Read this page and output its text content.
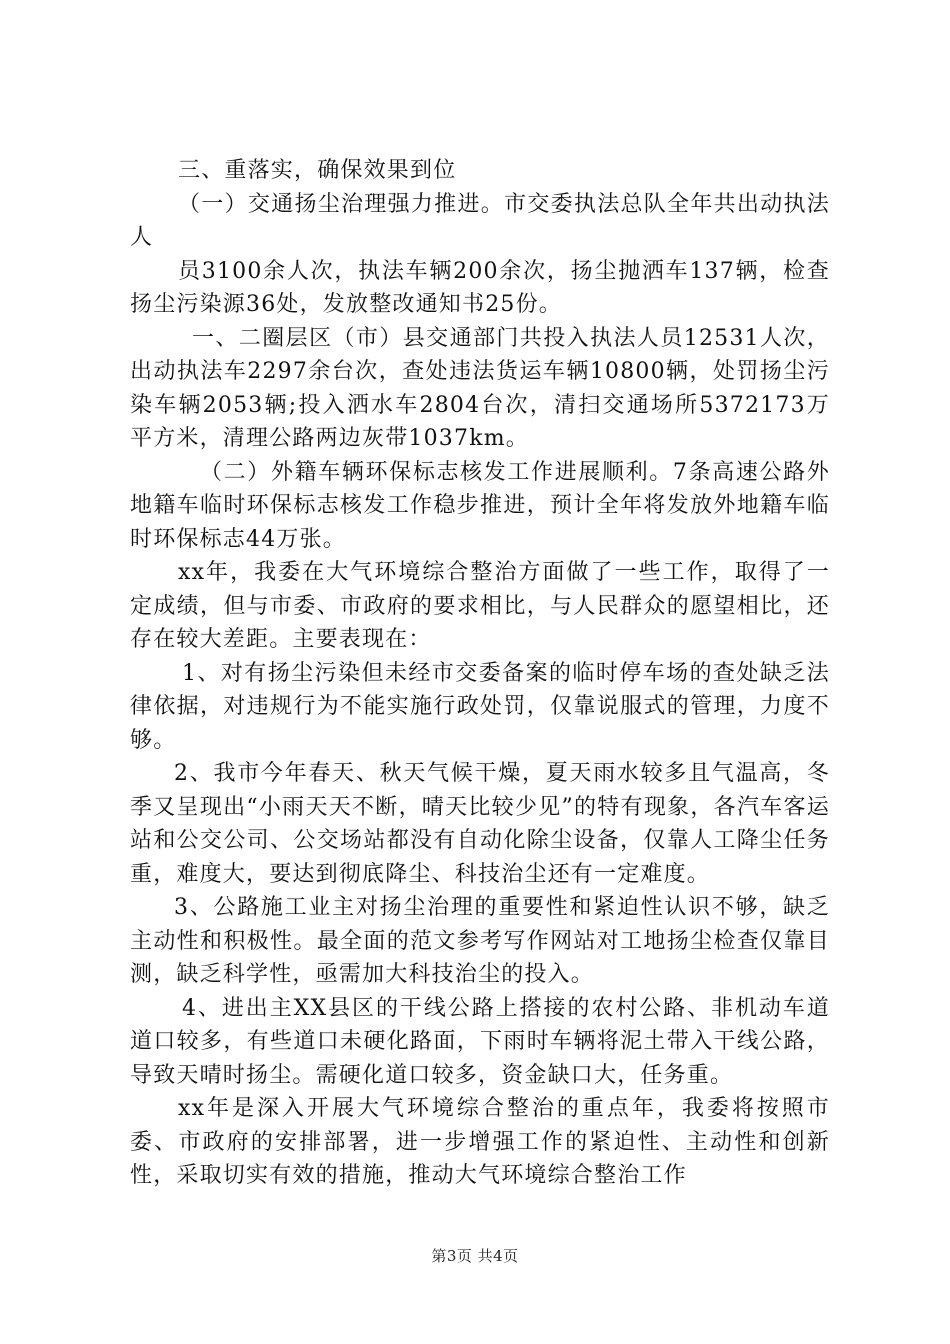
三、重落实，确保效果到位

（一）交通扬尘治理强力推进。市交委执法总队全年共出动执法人

员3100余人次，执法车辆200余次，扬尘抛洒车137辆，检查扬尘污染源36处，发放整改通知书25份。

一、二圈层区（市）县交通部门共投入执法人员12531人次，出动执法车2297余台次，查处违法货运车辆10800辆，处罚扬尘污染车辆2053辆;投入洒水车2804台次，清扫交通场所5372173万平方米，清理公路两边灰带1037km。

（二）外籍车辆环保标志核发工作进展顺利。7条高速公路外地籍车临时环保标志核发工作稳步推进，预计全年将发放外地籍车临时环保标志44万张。

xx年，我委在大气环境综合整治方面做了一些工作，取得了一定成绩，但与市委、市政府的要求相比，与人民群众的愿望相比，还存在较大差距。主要表现在：

1、对有扬尘污染但未经市交委备案的临时停车场的查处缺乏法律依据，对违规行为不能实施行政处罚，仅靠说服式的管理，力度不够。

2、我市今年春天、秋天气候干燥，夏天雨水较多且气温高，冬季又呈现出“小雨天天不断，晴天比较少见”的特有现象，各汽车客运站和公交公司、公交场站都没有自动化除尘设备，仅靠人工降尘任务重，难度大，要达到彻底降尘、科技治尘还有一定难度。

3、公路施工业主对扬尘治理的重要性和紧迫性认识不够，缺乏主动性和积极性。最全面的范文参考写作网站对工地扬尘检查仅靠目测，缺乏科学性，亟需加大科技治尘的投入。

4、进出主XX县区的干线公路上搭接的农村公路、非机动车道道口较多，有些道口未硬化路面，下雨时车辆将泥土带入干线公路，导致天晴时扬尘。需硬化道口较多，资金缺口大，任务重。

xx年是深入开展大气环境综合整治的重点年，我委将按照市委、市政府的安排部署，进一步增强工作的紧迫性、主动性和创新性，采取切实有效的措施，推动大气环境综合整治工作

第3页 共4页
